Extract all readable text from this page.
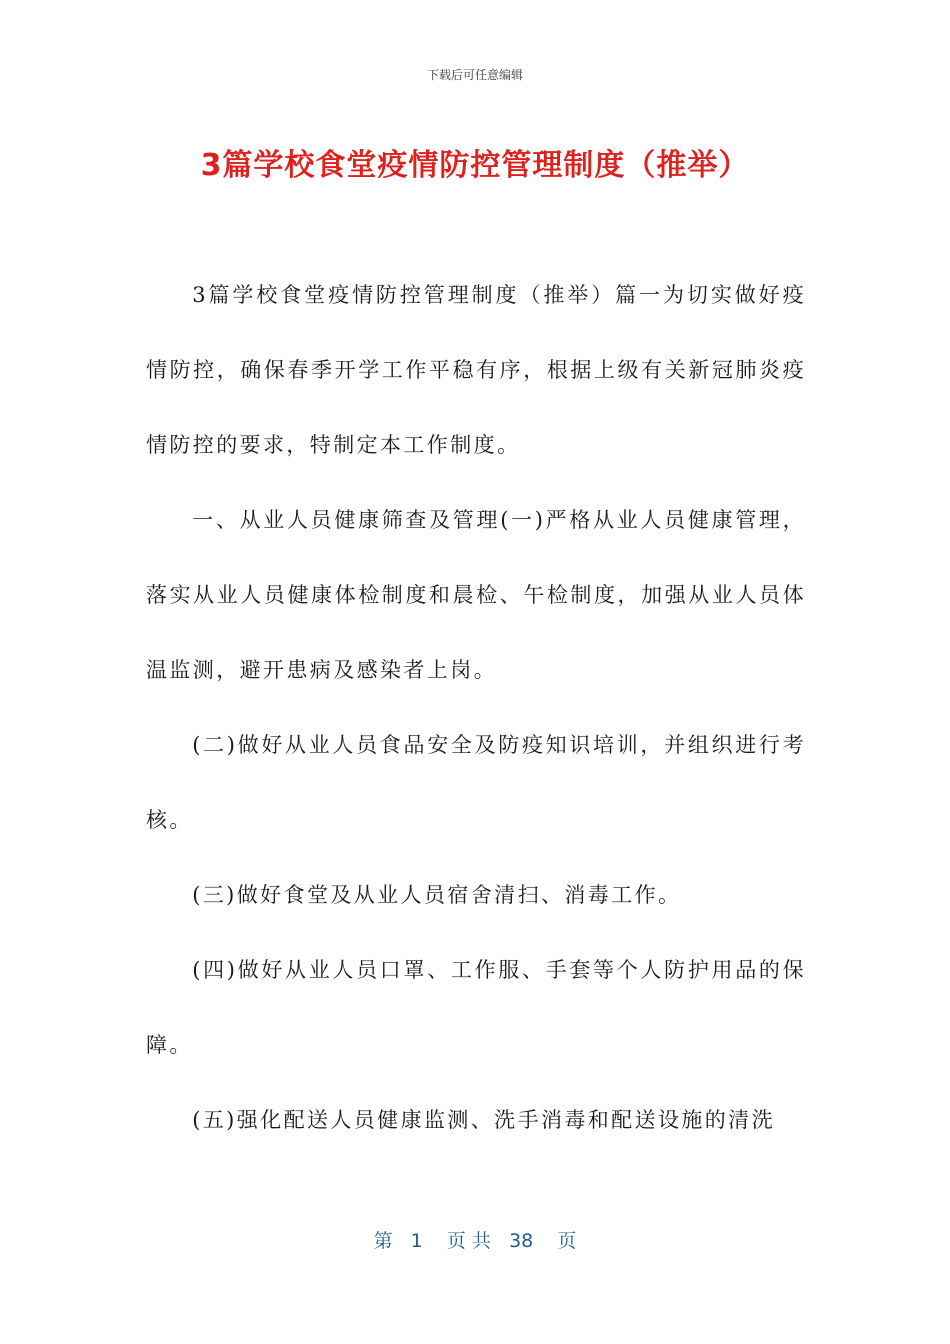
下载后可任意编辑
3篇学校食堂疫情防控管理制度（推举）

3篇学校食堂疫情防控管理制度（推举）篇一为切实做好疫情防控，确保春季开学工作平稳有序，根据上级有关新冠肺炎疫情防控的要求，特制定本工作制度。

一、从业人员健康筛查及管理(一)严格从业人员健康管理，落实从业人员健康体检制度和晨检、午检制度，加强从业人员体温监测，避开患病及感染者上岗。

(二)做好从业人员食品安全及防疫知识培训，并组织进行考核。

(三)做好食堂及从业人员宿舍清扫、消毒工作。

(四)做好从业人员口罩、工作服、手套等个人防护用品的保障。

(五)强化配送人员健康监测、洗手消毒和配送设施的清洗

第   1    页 共   38    页
